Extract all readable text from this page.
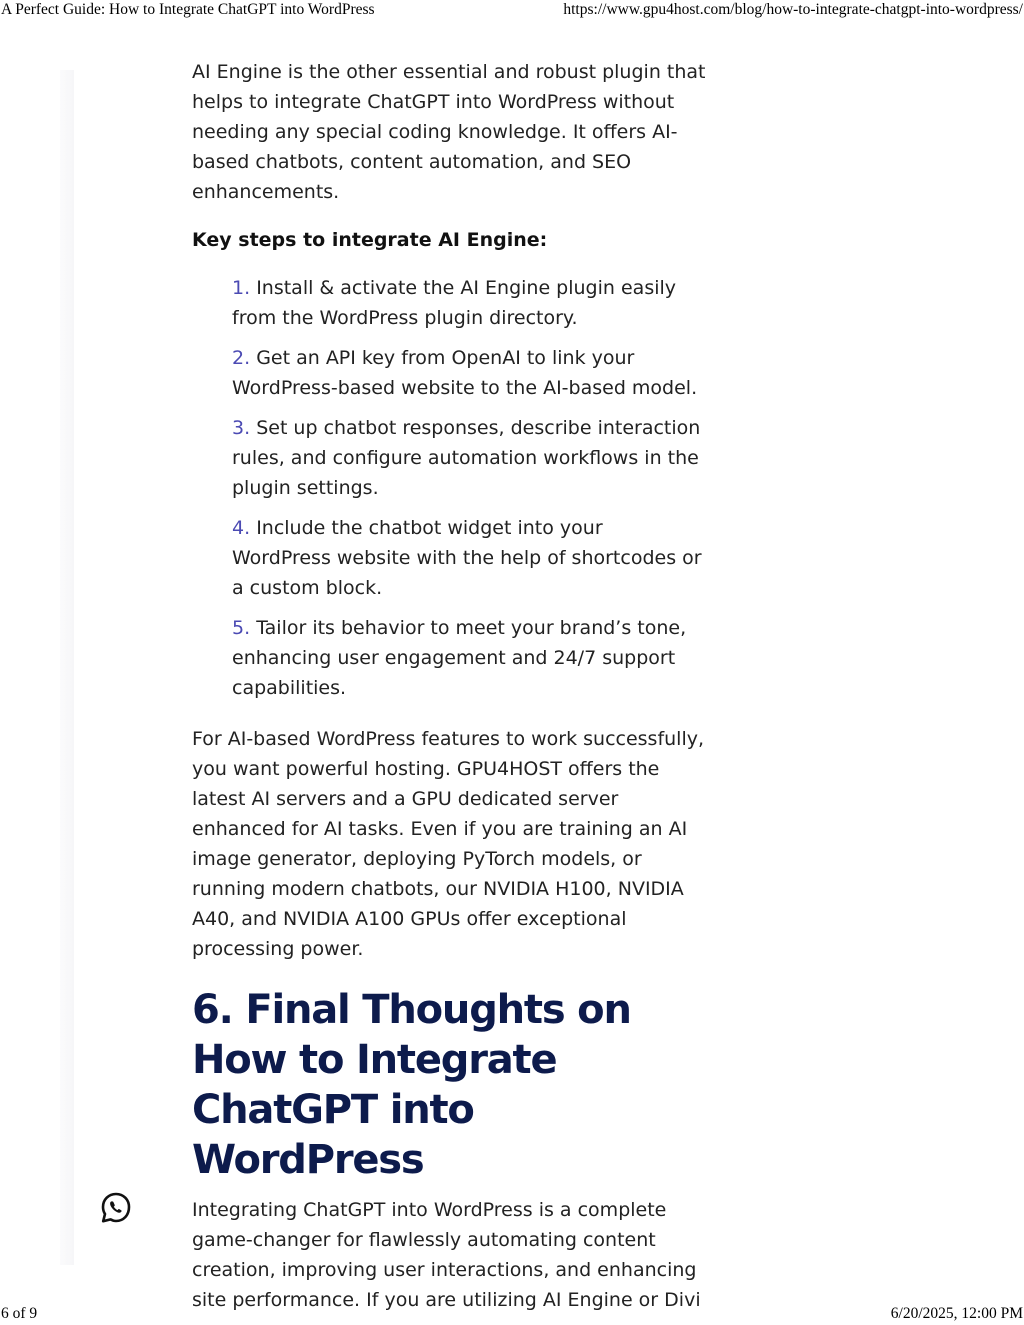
A Perfect Guide: How to Integrate ChatGPT into WordPress	https://www.gpu4host.com/blog/how-to-integrate-chatgpt-into-wordpress/

AI Engine is the other essential and robust plugin that helps to integrate ChatGPT into WordPress without needing any special coding knowledge. It offers AI-based chatbots, content automation, and SEO enhancements.

Key steps to integrate AI Engine:

1. Install & activate the AI Engine plugin easily from the WordPress plugin directory.
2. Get an API key from OpenAI to link your WordPress-based website to the AI-based model.
3. Set up chatbot responses, describe interaction rules, and configure automation workflows in the plugin settings.
4. Include the chatbot widget into your WordPress website with the help of shortcodes or a custom block.
5. Tailor its behavior to meet your brand’s tone, enhancing user engagement and 24/7 support capabilities.

For AI-based WordPress features to work successfully, you want powerful hosting. GPU4HOST offers the latest AI servers and a GPU dedicated server enhanced for AI tasks. Even if you are training an AI image generator, deploying PyTorch models, or running modern chatbots, our NVIDIA H100, NVIDIA A40, and NVIDIA A100 GPUs offer exceptional processing power.

6. Final Thoughts on How to Integrate ChatGPT into WordPress

Integrating ChatGPT into WordPress is a complete game-changer for flawlessly automating content creation, improving user interactions, and enhancing site performance. If you are utilizing AI Engine or Divi

6 of 9	6/20/2025, 12:00 PM
